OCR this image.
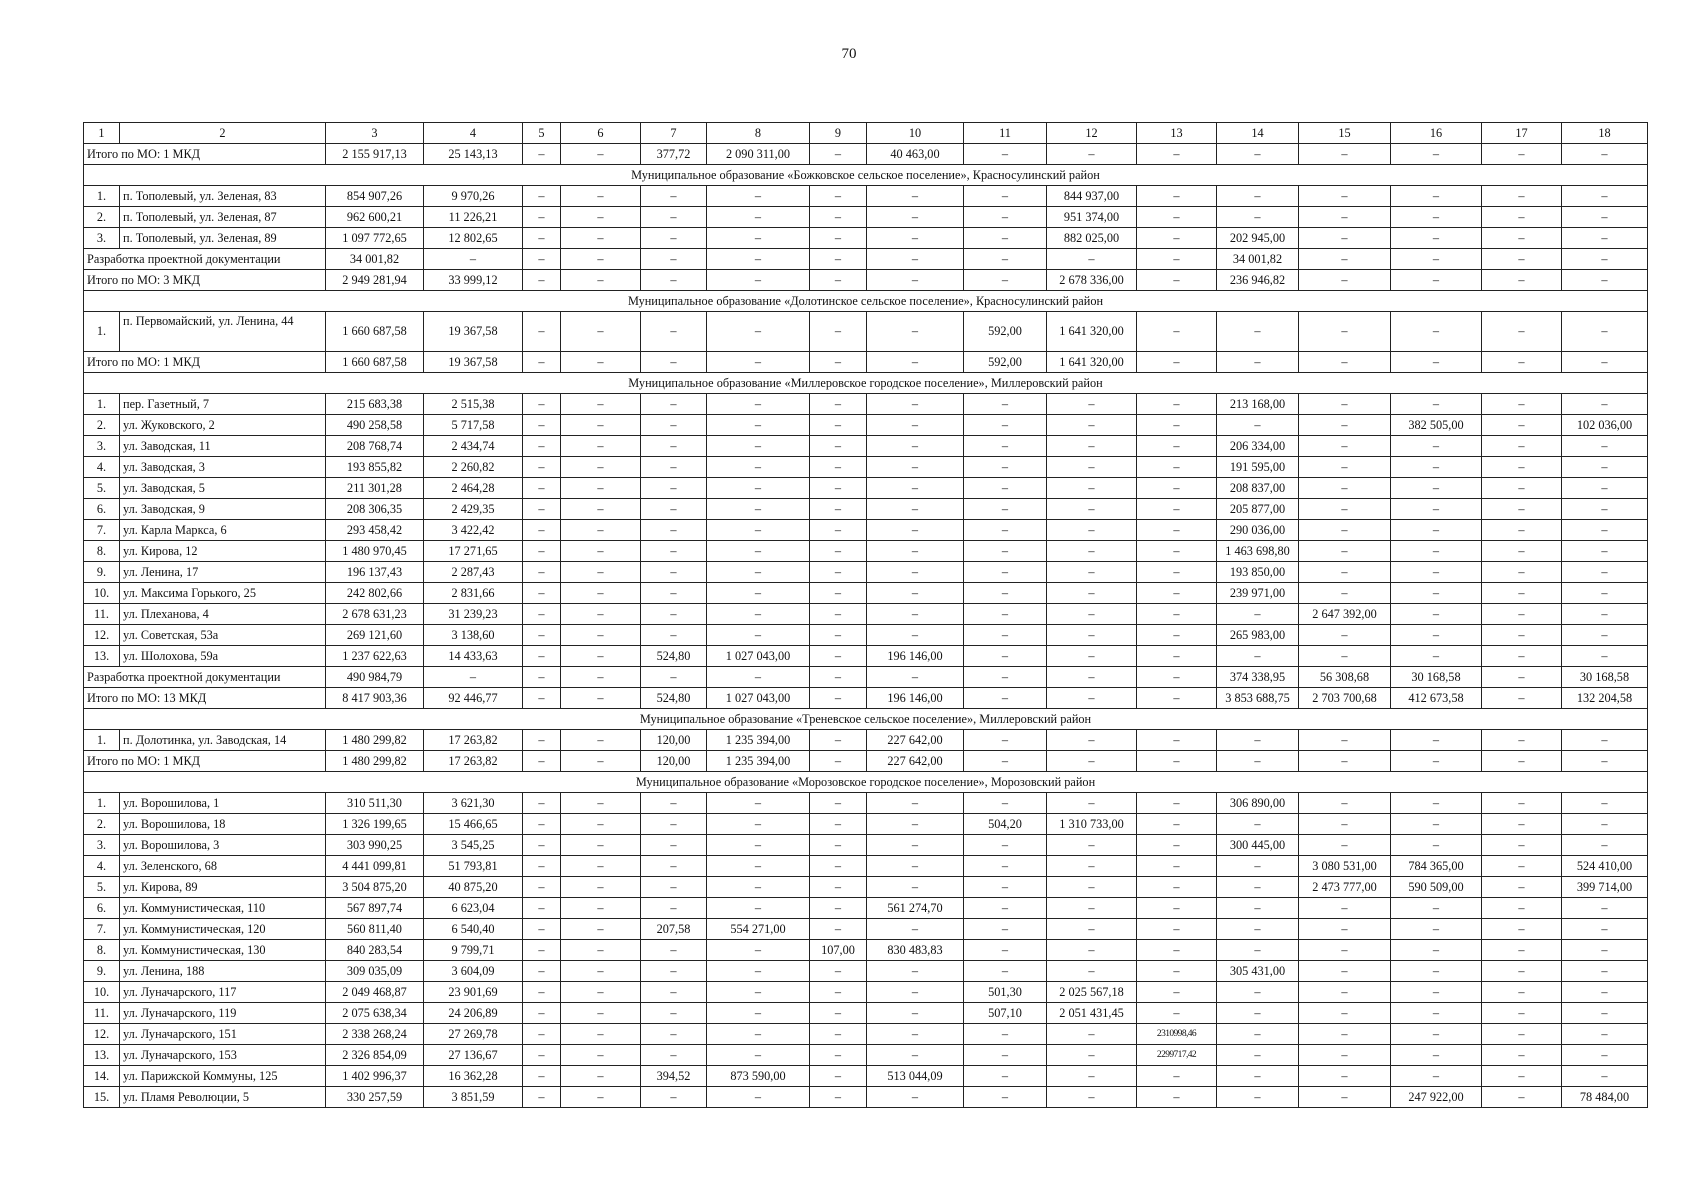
70
1	2	3	4	5	6	7	8	9	10	11	12	13	14	15	16	17	18
Итого по МО: 1 МКД		2 155 917,13	25 143,13	–	–	377,72	2 090 311,00	–	40 463,00	–	–	–	–	–	–	–	–
Муниципальное образование «Божковское сельское поселение», Красносулинский район																	
1.	п. Тополевый, ул. Зеленая, 83	854 907,26	9 970,26	–	–	–	–	–	–	–	844 937,00	–	–	–	–	–	–
2.	п. Тополевый, ул. Зеленая, 87	962 600,21	11 226,21	–	–	–	–	–	–	–	951 374,00	–	–	–	–	–	–
3.	п. Тополевый, ул. Зеленая, 89	1 097 772,65	12 802,65	–	–	–	–	–	–	–	882 025,00	–	202 945,00	–	–	–	–
Разработка проектной документации		34 001,82	–	–	–	–	–	–	–	–	–	–	34 001,82	–	–	–	–
Итого по МО: 3 МКД		2 949 281,94	33 999,12	–	–	–	–	–	–	–	2 678 336,00	–	236 946,82	–	–	–	–
Муниципальное образование «Долотинское сельское поселение», Красносулинский район																	
1.	п. Первомайский, ул. Ленина, 44	1 660 687,58	19 367,58	–	–	–	–	–	–	592,00	1 641 320,00	–	–	–	–	–	–
Итого по МО: 1 МКД		1 660 687,58	19 367,58	–	–	–	–	–	–	592,00	1 641 320,00	–	–	–	–	–	–
Муниципальное образование «Миллеровское городское поселение», Миллеровский район																	
1.	пер. Газетный, 7	215 683,38	2 515,38	–	–	–	–	–	–	–	–	–	213 168,00	–	–	–	–
2.	ул. Жуковского, 2	490 258,58	5 717,58	–	–	–	–	–	–	–	–	–	–	–	382 505,00	–	102 036,00
3.	ул. Заводская, 11	208 768,74	2 434,74	–	–	–	–	–	–	–	–	–	206 334,00	–	–	–	–
4.	ул. Заводская, 3	193 855,82	2 260,82	–	–	–	–	–	–	–	–	–	191 595,00	–	–	–	–
5.	ул. Заводская, 5	211 301,28	2 464,28	–	–	–	–	–	–	–	–	–	208 837,00	–	–	–	–
6.	ул. Заводская, 9	208 306,35	2 429,35	–	–	–	–	–	–	–	–	–	205 877,00	–	–	–	–
7.	ул. Карла Маркса, 6	293 458,42	3 422,42	–	–	–	–	–	–	–	–	–	290 036,00	–	–	–	–
8.	ул. Кирова, 12	1 480 970,45	17 271,65	–	–	–	–	–	–	–	–	–	1 463 698,80	–	–	–	–
9.	ул. Ленина, 17	196 137,43	2 287,43	–	–	–	–	–	–	–	–	–	193 850,00	–	–	–	–
10.	ул. Максима Горького, 25	242 802,66	2 831,66	–	–	–	–	–	–	–	–	–	239 971,00	–	–	–	–
11.	ул. Плеханова, 4	2 678 631,23	31 239,23	–	–	–	–	–	–	–	–	–	–	2 647 392,00	–	–	–
12.	ул. Советская, 53а	269 121,60	3 138,60	–	–	–	–	–	–	–	–	–	265 983,00	–	–	–	–
13.	ул. Шолохова, 59а	1 237 622,63	14 433,63	–	–	524,80	1 027 043,00	–	196 146,00	–	–	–	–	–	–	–	–
Разработка проектной документации		490 984,79	–	–	–	–	–	–	–	–	–	–	374 338,95	56 308,68	30 168,58	–	30 168,58
Итого по МО: 13 МКД		8 417 903,36	92 446,77	–	–	524,80	1 027 043,00	–	196 146,00	–	–	–	3 853 688,75	2 703 700,68	412 673,58	–	132 204,58
Муниципальное образование «Треневское сельское поселение», Миллеровский район																	
1.	п. Долотинка, ул. Заводская, 14	1 480 299,82	17 263,82	–	–	120,00	1 235 394,00	–	227 642,00	–	–	–	–	–	–	–	–
Итого по МО: 1 МКД		1 480 299,82	17 263,82	–	–	120,00	1 235 394,00	–	227 642,00	–	–	–	–	–	–	–	–
Муниципальное образование «Морозовское городское поселение», Морозовский район																	
1.	ул. Ворошилова, 1	310 511,30	3 621,30	–	–	–	–	–	–	–	–	–	306 890,00	–	–	–	–
2.	ул. Ворошилова, 18	1 326 199,65	15 466,65	–	–	–	–	–	–	504,20	1 310 733,00	–	–	–	–	–	–
3.	ул. Ворошилова, 3	303 990,25	3 545,25	–	–	–	–	–	–	–	–	–	300 445,00	–	–	–	–
4.	ул. Зеленского, 68	4 441 099,81	51 793,81	–	–	–	–	–	–	–	–	–	–	3 080 531,00	784 365,00	–	524 410,00
5.	ул. Кирова, 89	3 504 875,20	40 875,20	–	–	–	–	–	–	–	–	–	–	2 473 777,00	590 509,00	–	399 714,00
6.	ул. Коммунистическая, 110	567 897,74	6 623,04	–	–	–	–	–	561 274,70	–	–	–	–	–	–	–	–
7.	ул. Коммунистическая, 120	560 811,40	6 540,40	–	–	207,58	554 271,00	–	–	–	–	–	–	–	–	–	–
8.	ул. Коммунистическая, 130	840 283,54	9 799,71	–	–	–	–	107,00	830 483,83	–	–	–	–	–	–	–	–
9.	ул. Ленина, 188	309 035,09	3 604,09	–	–	–	–	–	–	–	–	–	305 431,00	–	–	–	–
10.	ул. Луначарского, 117	2 049 468,87	23 901,69	–	–	–	–	–	–	501,30	2 025 567,18	–	–	–	–	–	–
11.	ул. Луначарского, 119	2 075 638,34	24 206,89	–	–	–	–	–	–	507,10	2 051 431,45	–	–	–	–	–	–
12.	ул. Луначарского, 151	2 338 268,24	27 269,78	–	–	–	–	–	–	–	–	2310998,46	–	–	–	–	–
13.	ул. Луначарского, 153	2 326 854,09	27 136,67	–	–	–	–	–	–	–	–	2299717,42	–	–	–	–	–
14.	ул. Парижской Коммуны, 125	1 402 996,37	16 362,28	–	–	394,52	873 590,00	–	513 044,09	–	–	–	–	–	–	–	–
15.	ул. Пламя Революции, 5	330 257,59	3 851,59	–	–	–	–	–	–	–	–	–	–	–	247 922,00	–	78 484,00
